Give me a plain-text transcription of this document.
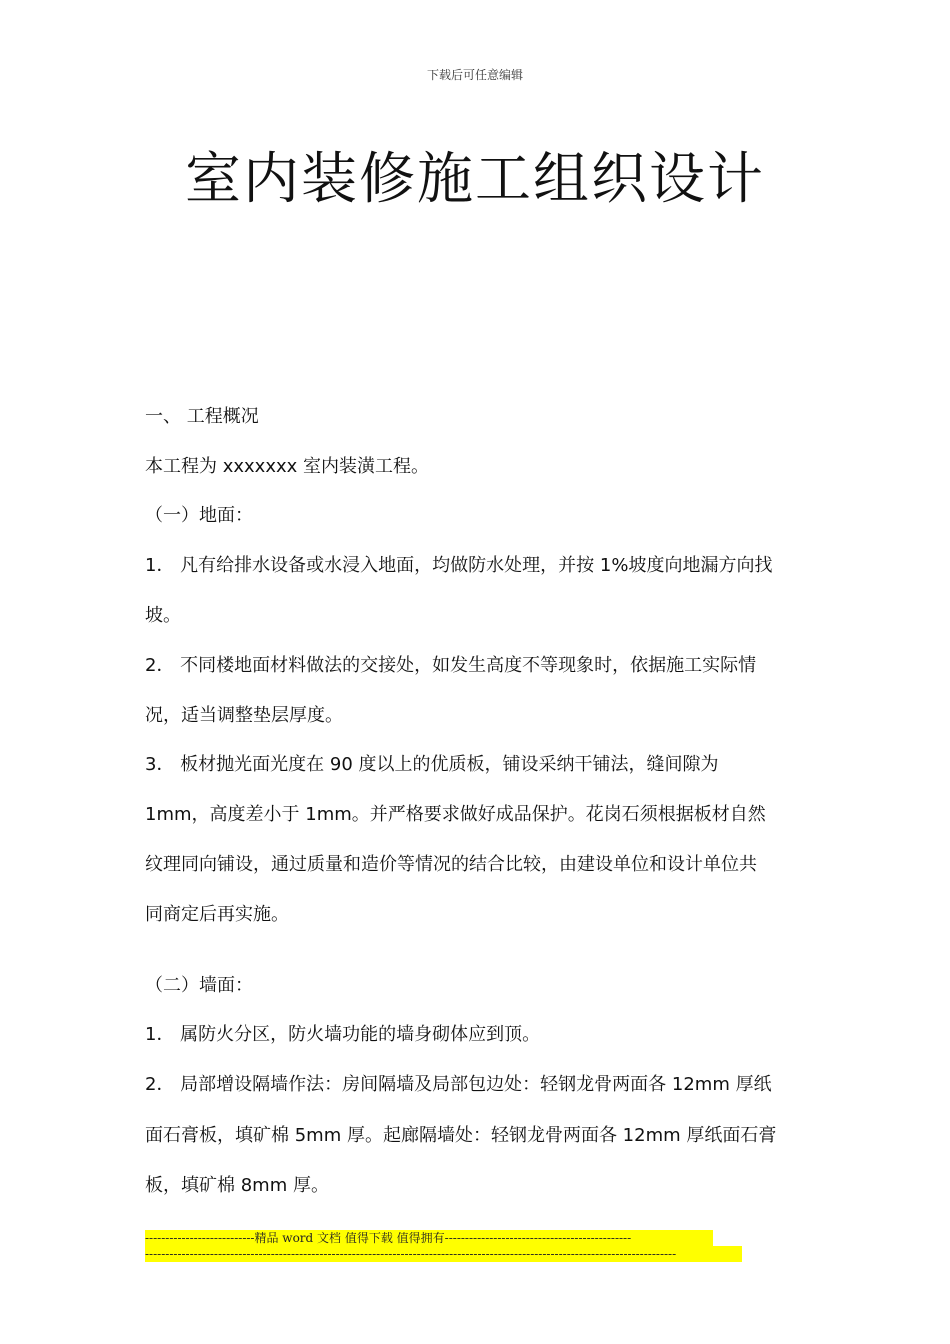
下载后可任意编辑
室内装修施工组织设计
一、 工程概况
本工程为 xxxxxxx 室内装潢工程。
（一）地面：
1． 凡有给排水设备或水浸入地面，均做防水处理，并按 1%坡度向地漏方向找
坡。
2． 不同楼地面材料做法的交接处，如发生高度不等现象时，依据施工实际情
况，适当调整垫层厚度。
3． 板材抛光面光度在 90 度以上的优质板，铺设采纳干铺法，缝间隙为
1mm，高度差小于 1mm。并严格要求做好成品保护。花岗石须根据板材自然
纹理同向铺设，通过质量和造价等情况的结合比较，由建设单位和设计单位共
同商定后再实施。
（二）墙面：
1． 属防火分区，防火墙功能的墙身砌体应到顶。
2． 局部增设隔墙作法：房间隔墙及局部包边处：轻钢龙骨两面各 12mm 厚纸
面石膏板，填矿棉 5mm 厚。起廊隔墙处：轻钢龙骨两面各 12mm 厚纸面石膏
板，填矿棉 8mm 厚。
---------------------------精品 word 文档 值得下载 值得拥有----------------------------------------------
-----------------------------------------------------------------------------------------------------------------------------------
